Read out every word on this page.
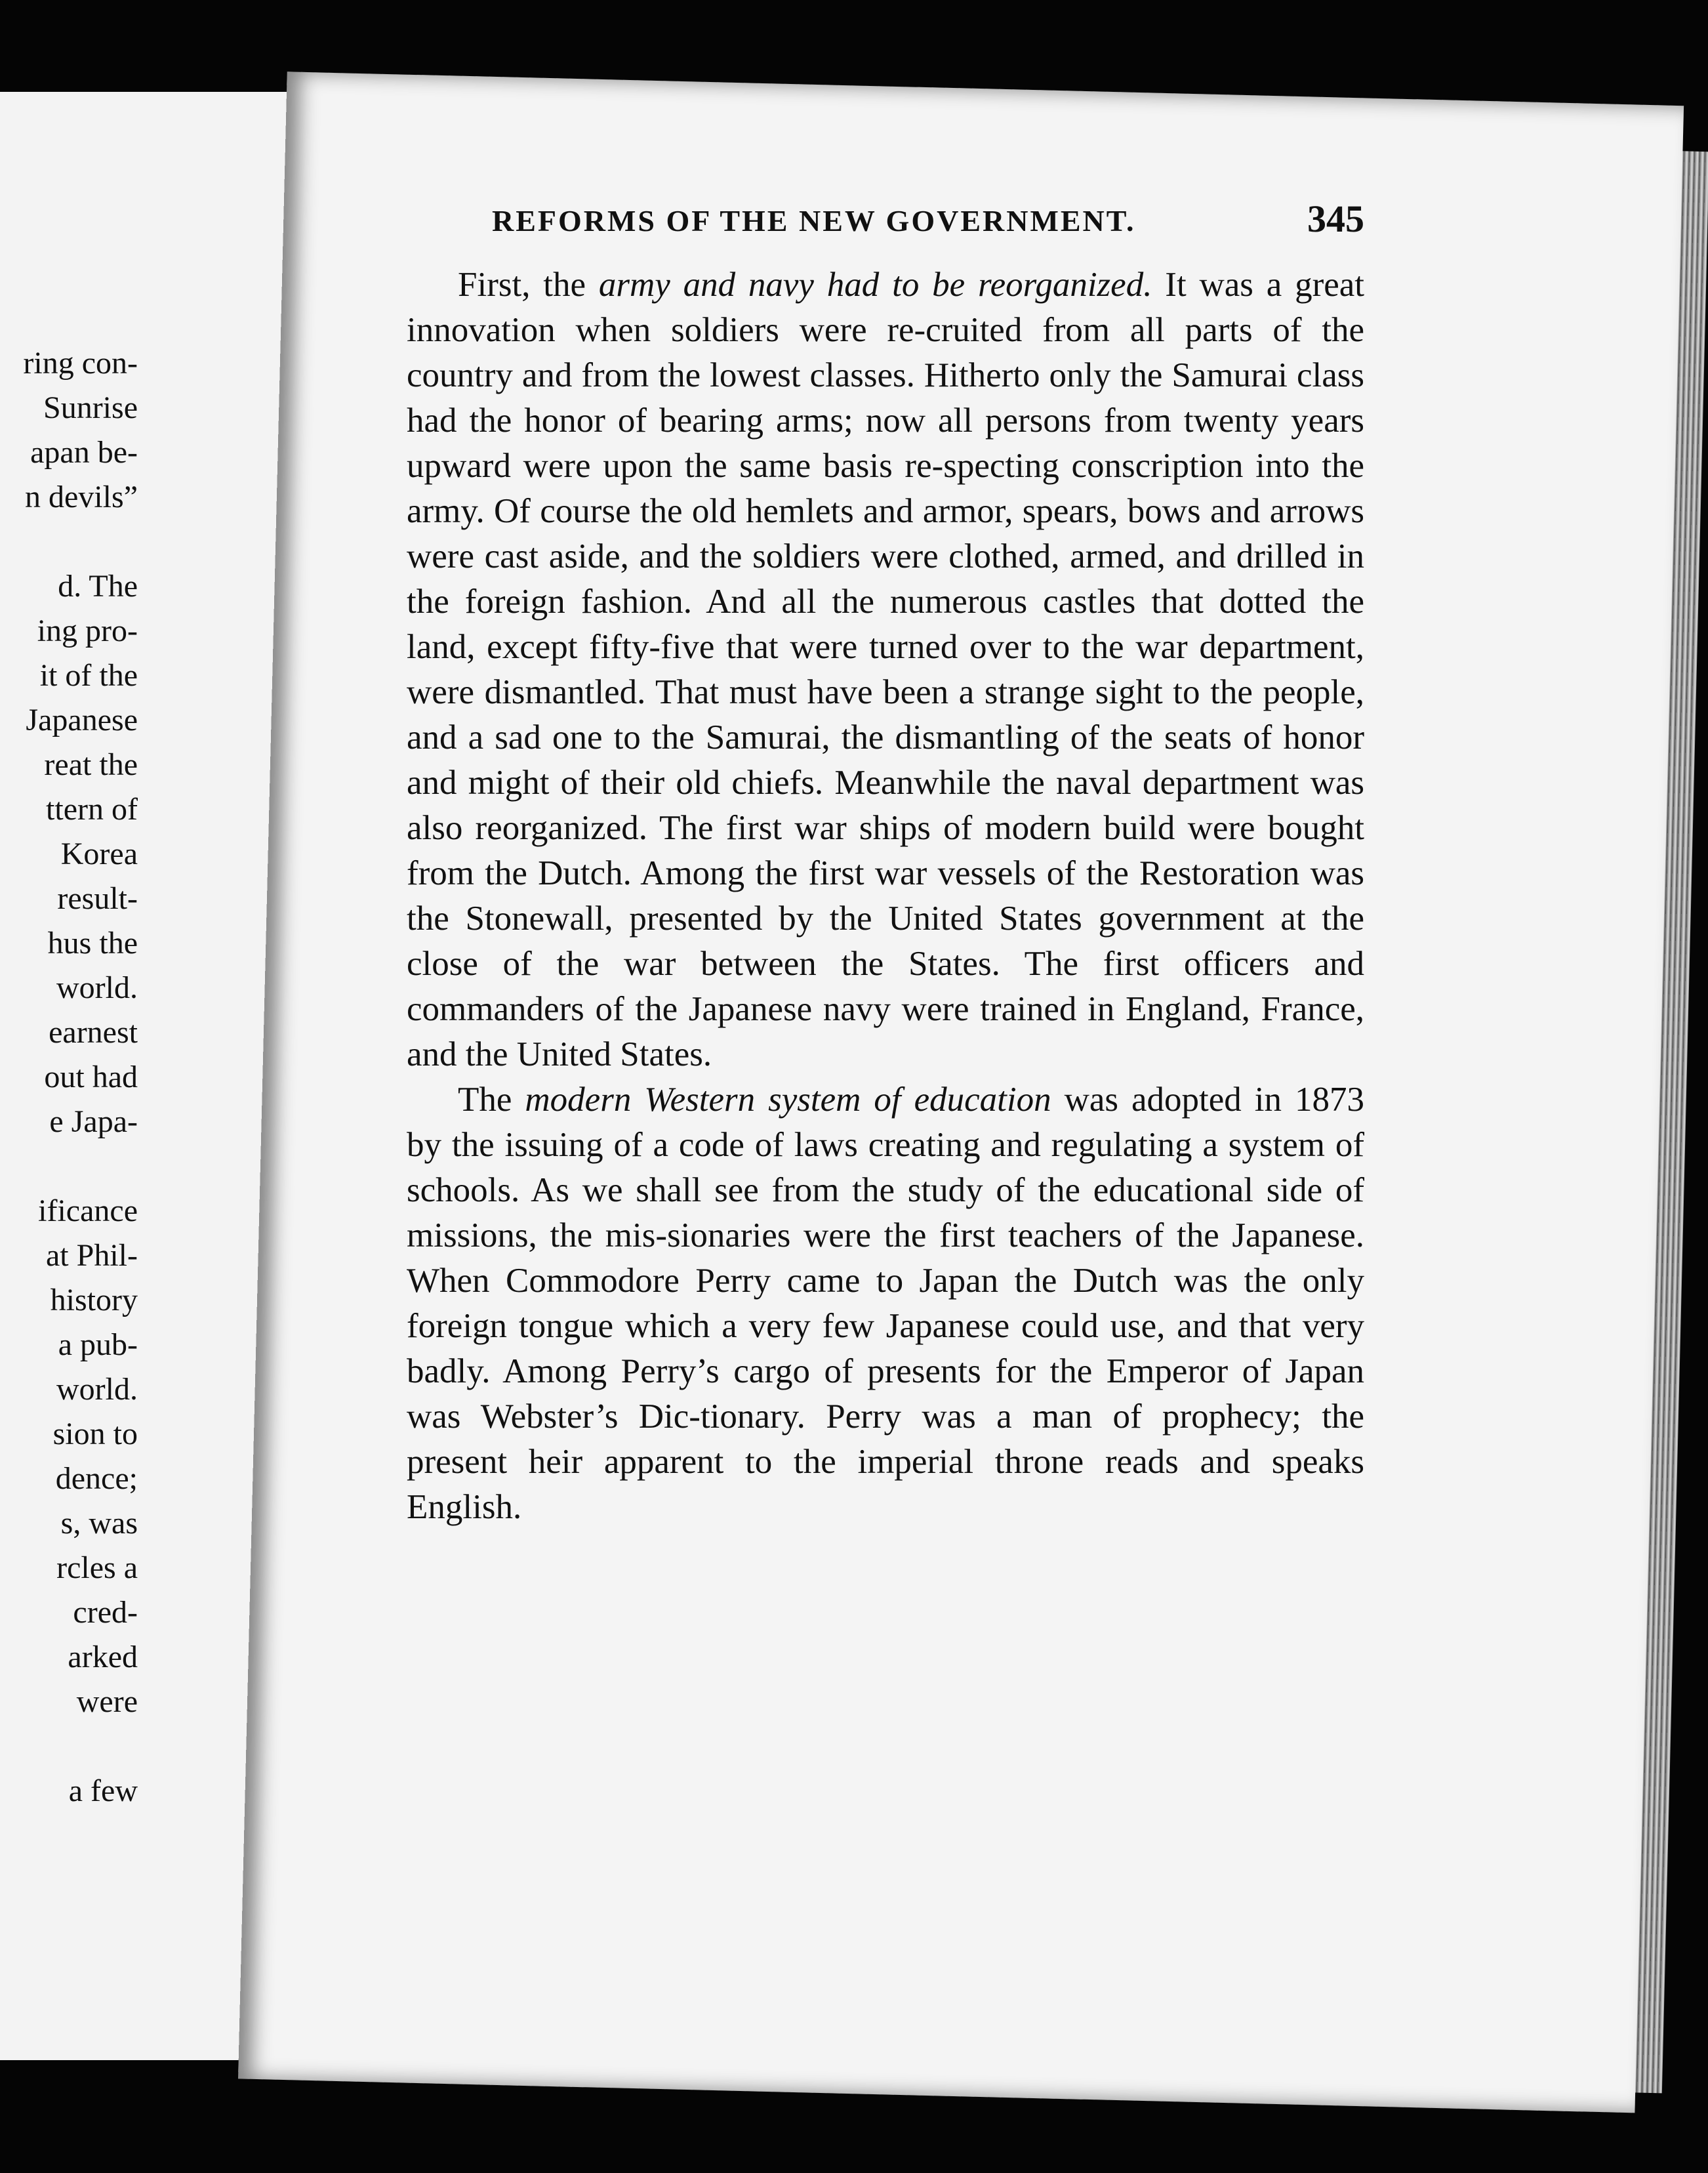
ring con-
Sunrise
apan be-
n devils”
d. The
ing pro-
it of the
Japanese
reat the
ttern of
Korea
result-
hus the
world.
earnest
out had
e Japa-
ificance
at Phil-
history
a pub-
world.
sion to
dence;
s, was
rcles a
cred-
arked
were
a few
REFORMS OF THE NEW GOVERNMENT.	345

First, the army and navy had to be reorganized. It was a great innovation when soldiers were re-cruited from all parts of the country and from the lowest classes. Hitherto only the Samurai class had the honor of bearing arms; now all persons from twenty years upward were upon the same basis re-specting conscription into the army. Of course the old hemlets and armor, spears, bows and arrows were cast aside, and the soldiers were clothed, armed, and drilled in the foreign fashion. And all the numerous castles that dotted the land, except fifty-five that were turned over to the war department, were dismantled. That must have been a strange sight to the people, and a sad one to the Samurai, the dismantling of the seats of honor and might of their old chiefs. Meanwhile the naval department was also reorganized. The first war ships of modern build were bought from the Dutch. Among the first war vessels of the Restoration was the Stonewall, presented by the United States government at the close of the war between the States. The first officers and commanders of the Japanese navy were trained in England, France, and the United States.

The modern Western system of education was adopted in 1873 by the issuing of a code of laws creating and regulating a system of schools. As we shall see from the study of the educational side of missions, the mis-sionaries were the first teachers of the Japanese. When Commodore Perry came to Japan the Dutch was the only foreign tongue which a very few Japanese could use, and that very badly. Among Perry’s cargo of presents for the Emperor of Japan was Webster’s Dic-tionary. Perry was a man of prophecy; the present heir apparent to the imperial throne reads and speaks English.
